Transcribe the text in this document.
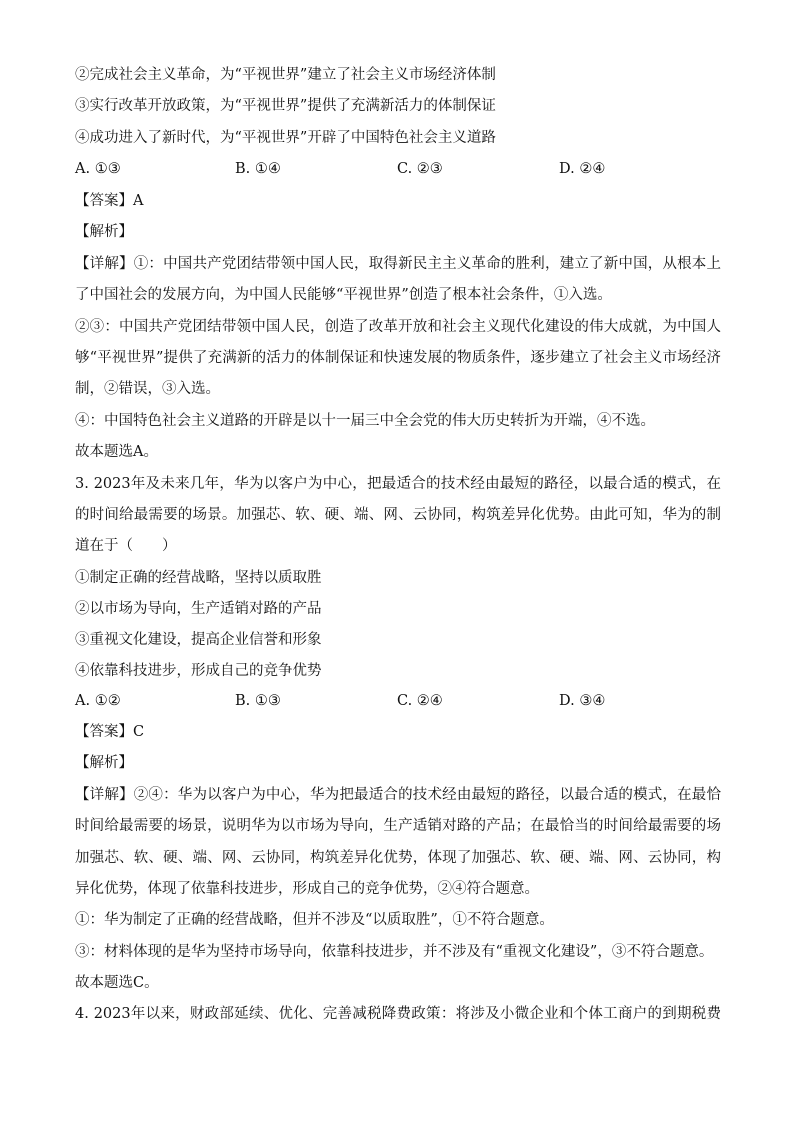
②完成社会主义革命，为“平视世界”建立了社会主义市场经济体制
③实行改革开放政策，为“平视世界”提供了充满新活力的体制保证
④成功进入了新时代，为“平视世界”开辟了中国特色社会主义道路
A. ①③	B. ①④	C. ②③	D. ②④
【答案】A
【解析】
【详解】①：中国共产党团结带领中国人民，取得新民主主义革命的胜利，建立了新中国，从根本上
了中国社会的发展方向，为中国人民能够“平视世界”创造了根本社会条件，①入选。
②③：中国共产党团结带领中国人民，创造了改革开放和社会主义现代化建设的伟大成就，为中国人
够“平视世界”提供了充满新的活力的体制保证和快速发展的物质条件，逐步建立了社会主义市场经济
制，②错误，③入选。
④：中国特色社会主义道路的开辟是以十一届三中全会党的伟大历史转折为开端，④不选。
故本题选A。
3. 2023年及未来几年，华为以客户为中心，把最适合的技术经由最短的路径，以最合适的模式，在
的时间给最需要的场景。加强芯、软、硬、端、网、云协同，构筑差异化优势。由此可知，华为的制
道在于（　　）
①制定正确的经营战略，坚持以质取胜
②以市场为导向，生产适销对路的产品
③重视文化建设，提高企业信誉和形象
④依靠科技进步，形成自己的竞争优势
A. ①②	B. ①③	C. ②④	D. ③④
【答案】C
【解析】
【详解】②④：华为以客户为中心，华为把最适合的技术经由最短的路径，以最合适的模式，在最恰
时间给最需要的场景，说明华为以市场为导向，生产适销对路的产品；在最恰当的时间给最需要的场
加强芯、软、硬、端、网、云协同，构筑差异化优势，体现了加强芯、软、硬、端、网、云协同，构
异化优势，体现了依靠科技进步，形成自己的竞争优势，②④符合题意。
①：华为制定了正确的经营战略，但并不涉及“以质取胜”，①不符合题意。
③：材料体现的是华为坚持市场导向，依靠科技进步，并不涉及有“重视文化建设”，③不符合题意。
故本题选C。
4. 2023年以来，财政部延续、优化、完善减税降费政策：将涉及小微企业和个体工商户的到期税费
